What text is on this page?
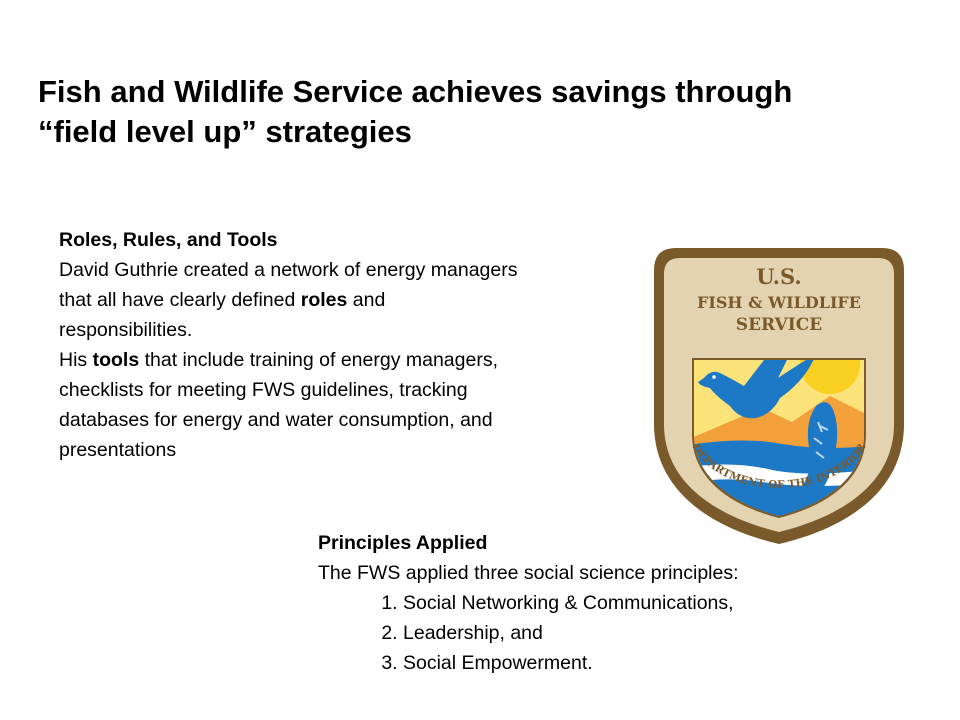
Fish and Wildlife Service achieves savings through
“field level up” strategies

Roles, Rules, and Tools

David Guthrie created a network of energy managers that all have clearly defined roles and responsibilities.

His tools that include training of energy managers, checklists for meeting FWS guidelines, tracking databases for energy and water consumption, and presentations

Principles Applied
The FWS applied three social science principles:
1. Social Networking & Communications,
2. Leadership, and
3. Social Empowerment.
U.S.
FISH & WILDLIFE
SERVICE
DEPARTMENT OF THE INTERIOR
